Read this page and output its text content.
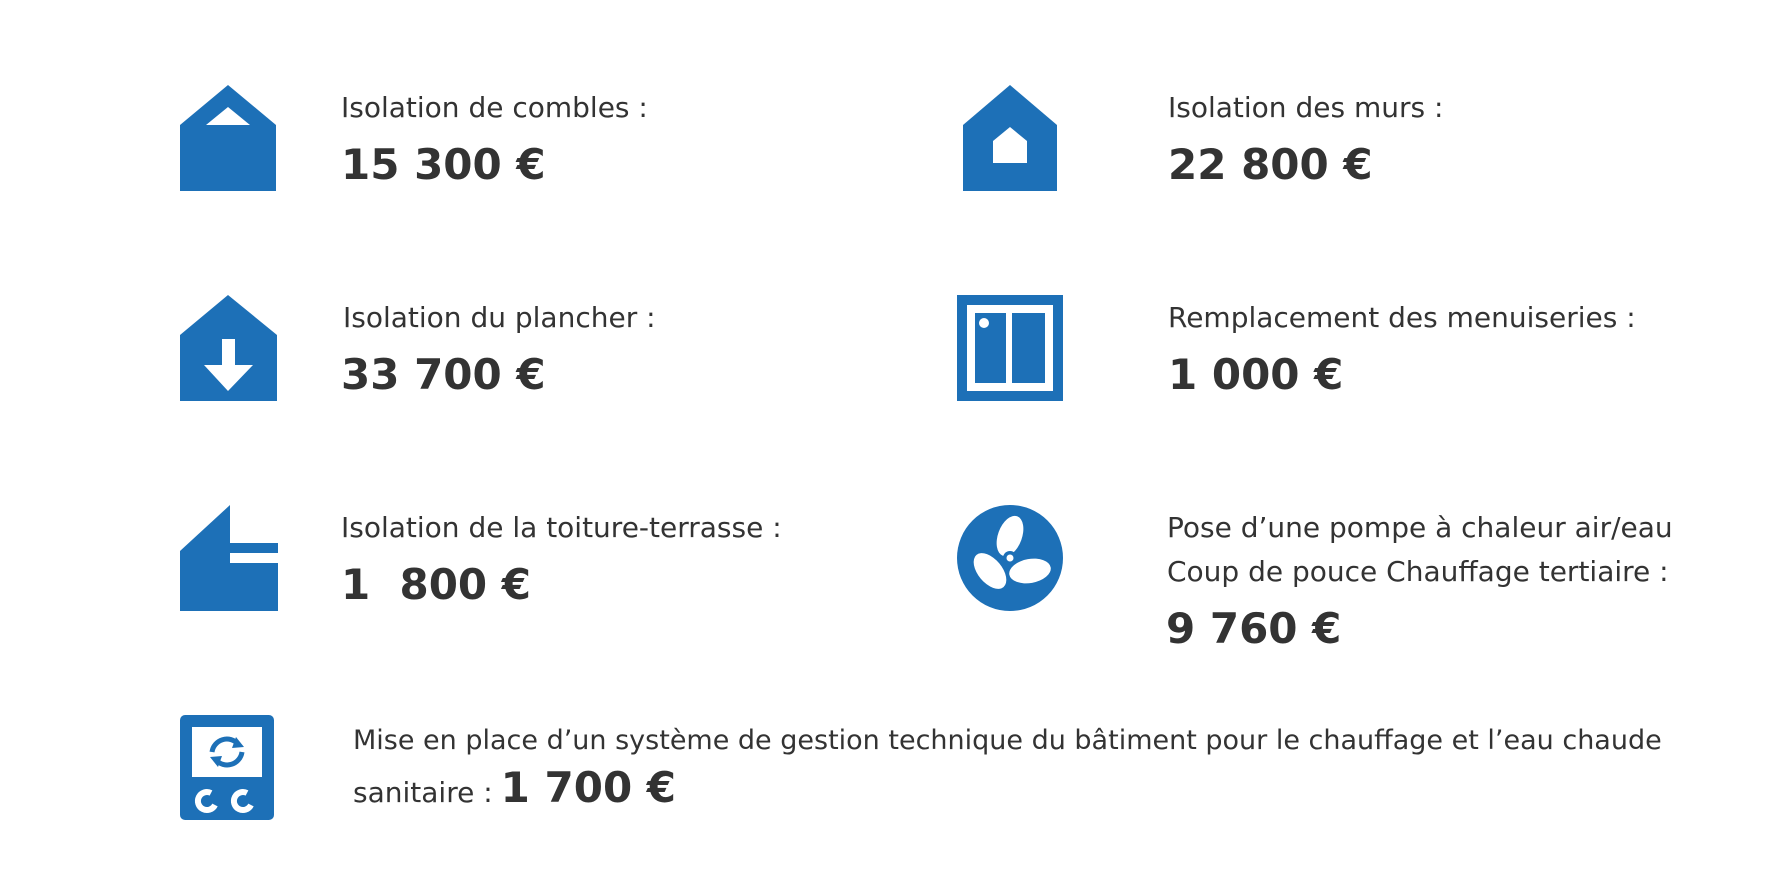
Isolation de combles :
15 300 €
Isolation des murs :
22 800 €
Isolation du plancher :
33 700 €
Remplacement des menuiseries :
1 000 €
Isolation de la toiture-terrasse :
1  800 €
Pose d’une pompe à chaleur air/eau
Coup de pouce Chauffage tertiaire :
9 760 €
Mise en place d’un système de gestion technique du bâtiment pour le chauffage et l’eau chaude
sanitaire : 1 700 €
